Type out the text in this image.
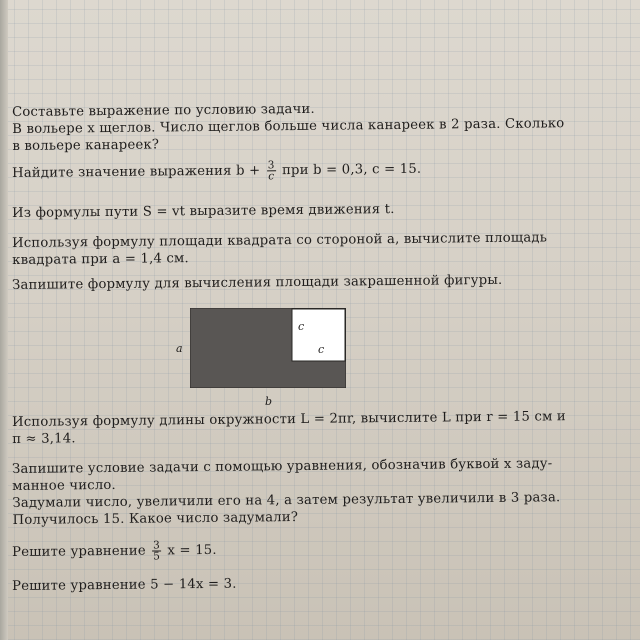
Составьте выражение по условию задачи.
В вольере x щеглов. Число щеглов больше числа канареек в 2 раза. Сколько
в вольере канареек?
Найдите значение выражения $b + \frac{3}{c}$ при b = 0,3, c = 15.
Из формулы пути S = vt выразите время движения t.
Используя формулу площади квадрата со стороной a, вычислите площадь
квадрата при a = 1,4 см.
Запишите формулу для вычисления площади закрашенной фигуры.
a
b
c
c
Используя формулу длины окружности L = 2πr, вычислите L при r = 15 см и
π ≈ 3,14.
Запишите условие задачи с помощью уравнения, обозначив буквой x заду-
манное число.
Задумали число, увеличили его на 4, а затем результат увеличили в 3 раза.
Получилось 15. Какое число задумали?
Решите уравнение $\frac{3}{5}$ x = 15.
Решите уравнение 5 − 14x = 3.
